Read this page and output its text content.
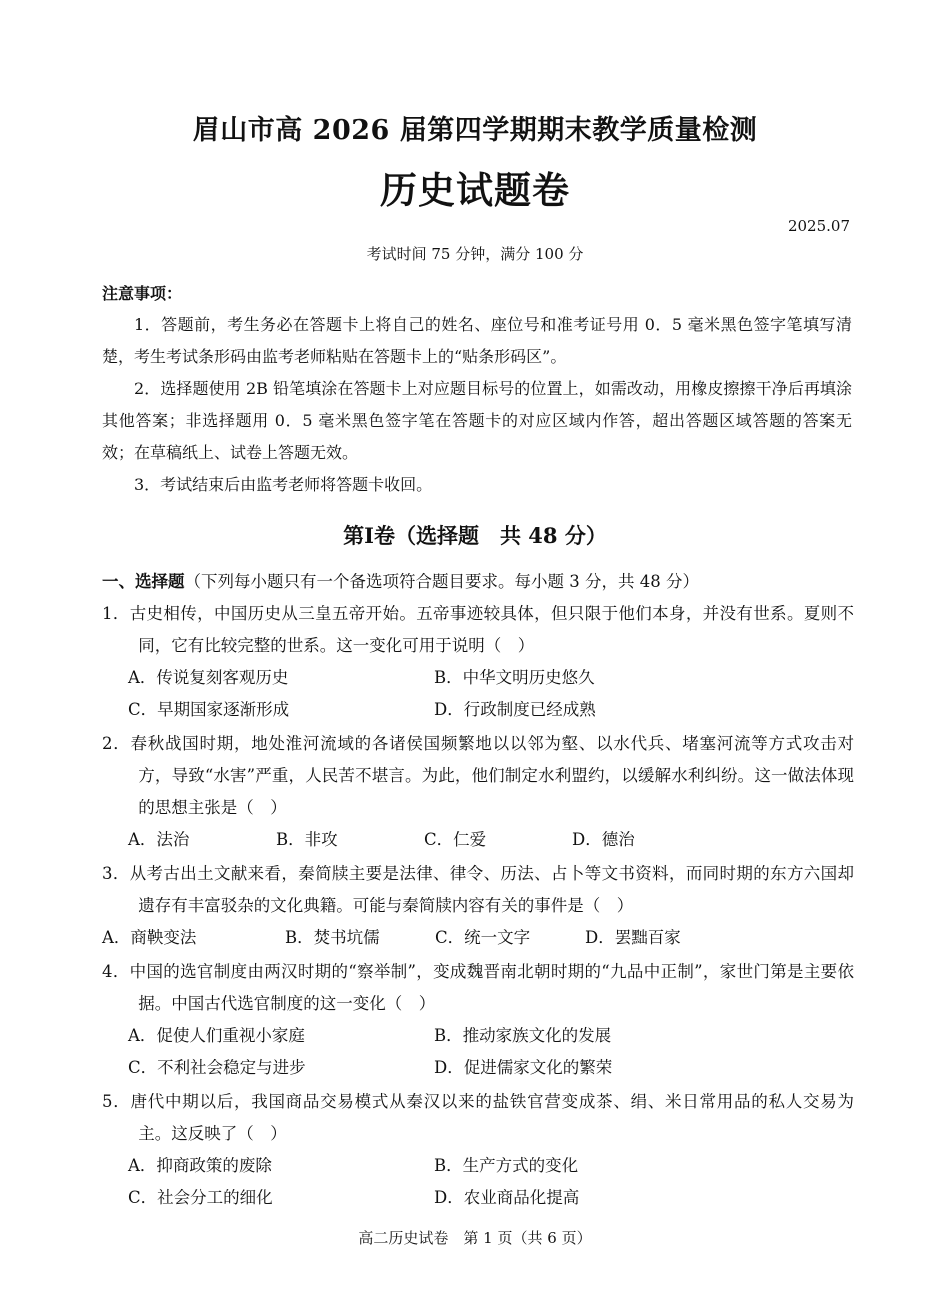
眉山市高 2026 届第四学期期末教学质量检测
历史试题卷
2025.07
考试时间 75 分钟，满分 100 分
注意事项：
1．答题前，考生务必在答题卡上将自己的姓名、座位号和准考证号用 0．5 毫米黑色签字笔填写清楚，考生考试条形码由监考老师粘贴在答题卡上的“贴条形码区”。
2．选择题使用 2B 铅笔填涂在答题卡上对应题目标号的位置上，如需改动，用橡皮擦擦干净后再填涂其他答案；非选择题用 0．5 毫米黑色签字笔在答题卡的对应区域内作答，超出答题区域答题的答案无效；在草稿纸上、试卷上答题无效。
3．考试结束后由监考老师将答题卡收回。
第Ⅰ卷（选择题　共 48 分）
一、选择题（下列每小题只有一个备选项符合题目要求。每小题 3 分，共 48 分）
1．古史相传，中国历史从三皇五帝开始。五帝事迹较具体，但只限于他们本身，并没有世系。夏则不同，它有比较完整的世系。这一变化可用于说明（　）
A．传说复刻客观历史	B．中华文明历史悠久
C．早期国家逐渐形成	D．行政制度已经成熟
2．春秋战国时期，地处淮河流域的各诸侯国频繁地以以邻为壑、以水代兵、堵塞河流等方式攻击对方，导致“水害”严重，人民苦不堪言。为此，他们制定水利盟约，以缓解水利纠纷。这一做法体现的思想主张是（　）
A．法治	B．非攻	C．仁爱	D．德治
3．从考古出土文献来看，秦简牍主要是法律、律令、历法、占卜等文书资料，而同时期的东方六国却遗存有丰富驳杂的文化典籍。可能与秦简牍内容有关的事件是（　）
A．商鞅变法	B．焚书坑儒	C．统一文字	D．罢黜百家
4．中国的选官制度由两汉时期的“察举制”，变成魏晋南北朝时期的“九品中正制”，家世门第是主要依据。中国古代选官制度的这一变化（　）
A．促使人们重视小家庭	B．推动家族文化的发展
C．不利社会稳定与进步	D．促进儒家文化的繁荣
5．唐代中期以后，我国商品交易模式从秦汉以来的盐铁官营变成茶、绢、米日常用品的私人交易为主。这反映了（　）
A．抑商政策的废除	B．生产方式的变化
C．社会分工的细化	D．农业商品化提高
高二历史试卷　第 1 页（共 6 页）
